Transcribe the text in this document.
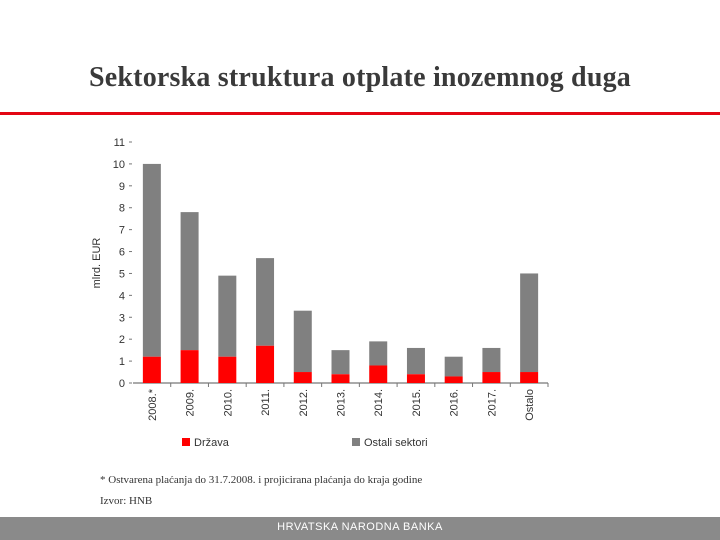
Sektorska struktura otplate inozemnog duga
0
1
2
3
4
5
6
7
8
9
10
11
mlrd. EUR
2008.* 2009. 2010. 2011. 2012. 2013. 2014. 2015. 2016. 2017. Ostalo
Država	Ostali sektori
* Ostvarena plaćanja do 31.7.2008. i projicirana plaćanja do kraja godine
Izvor: HNB
HRVATSKA NARODNA BANKA
